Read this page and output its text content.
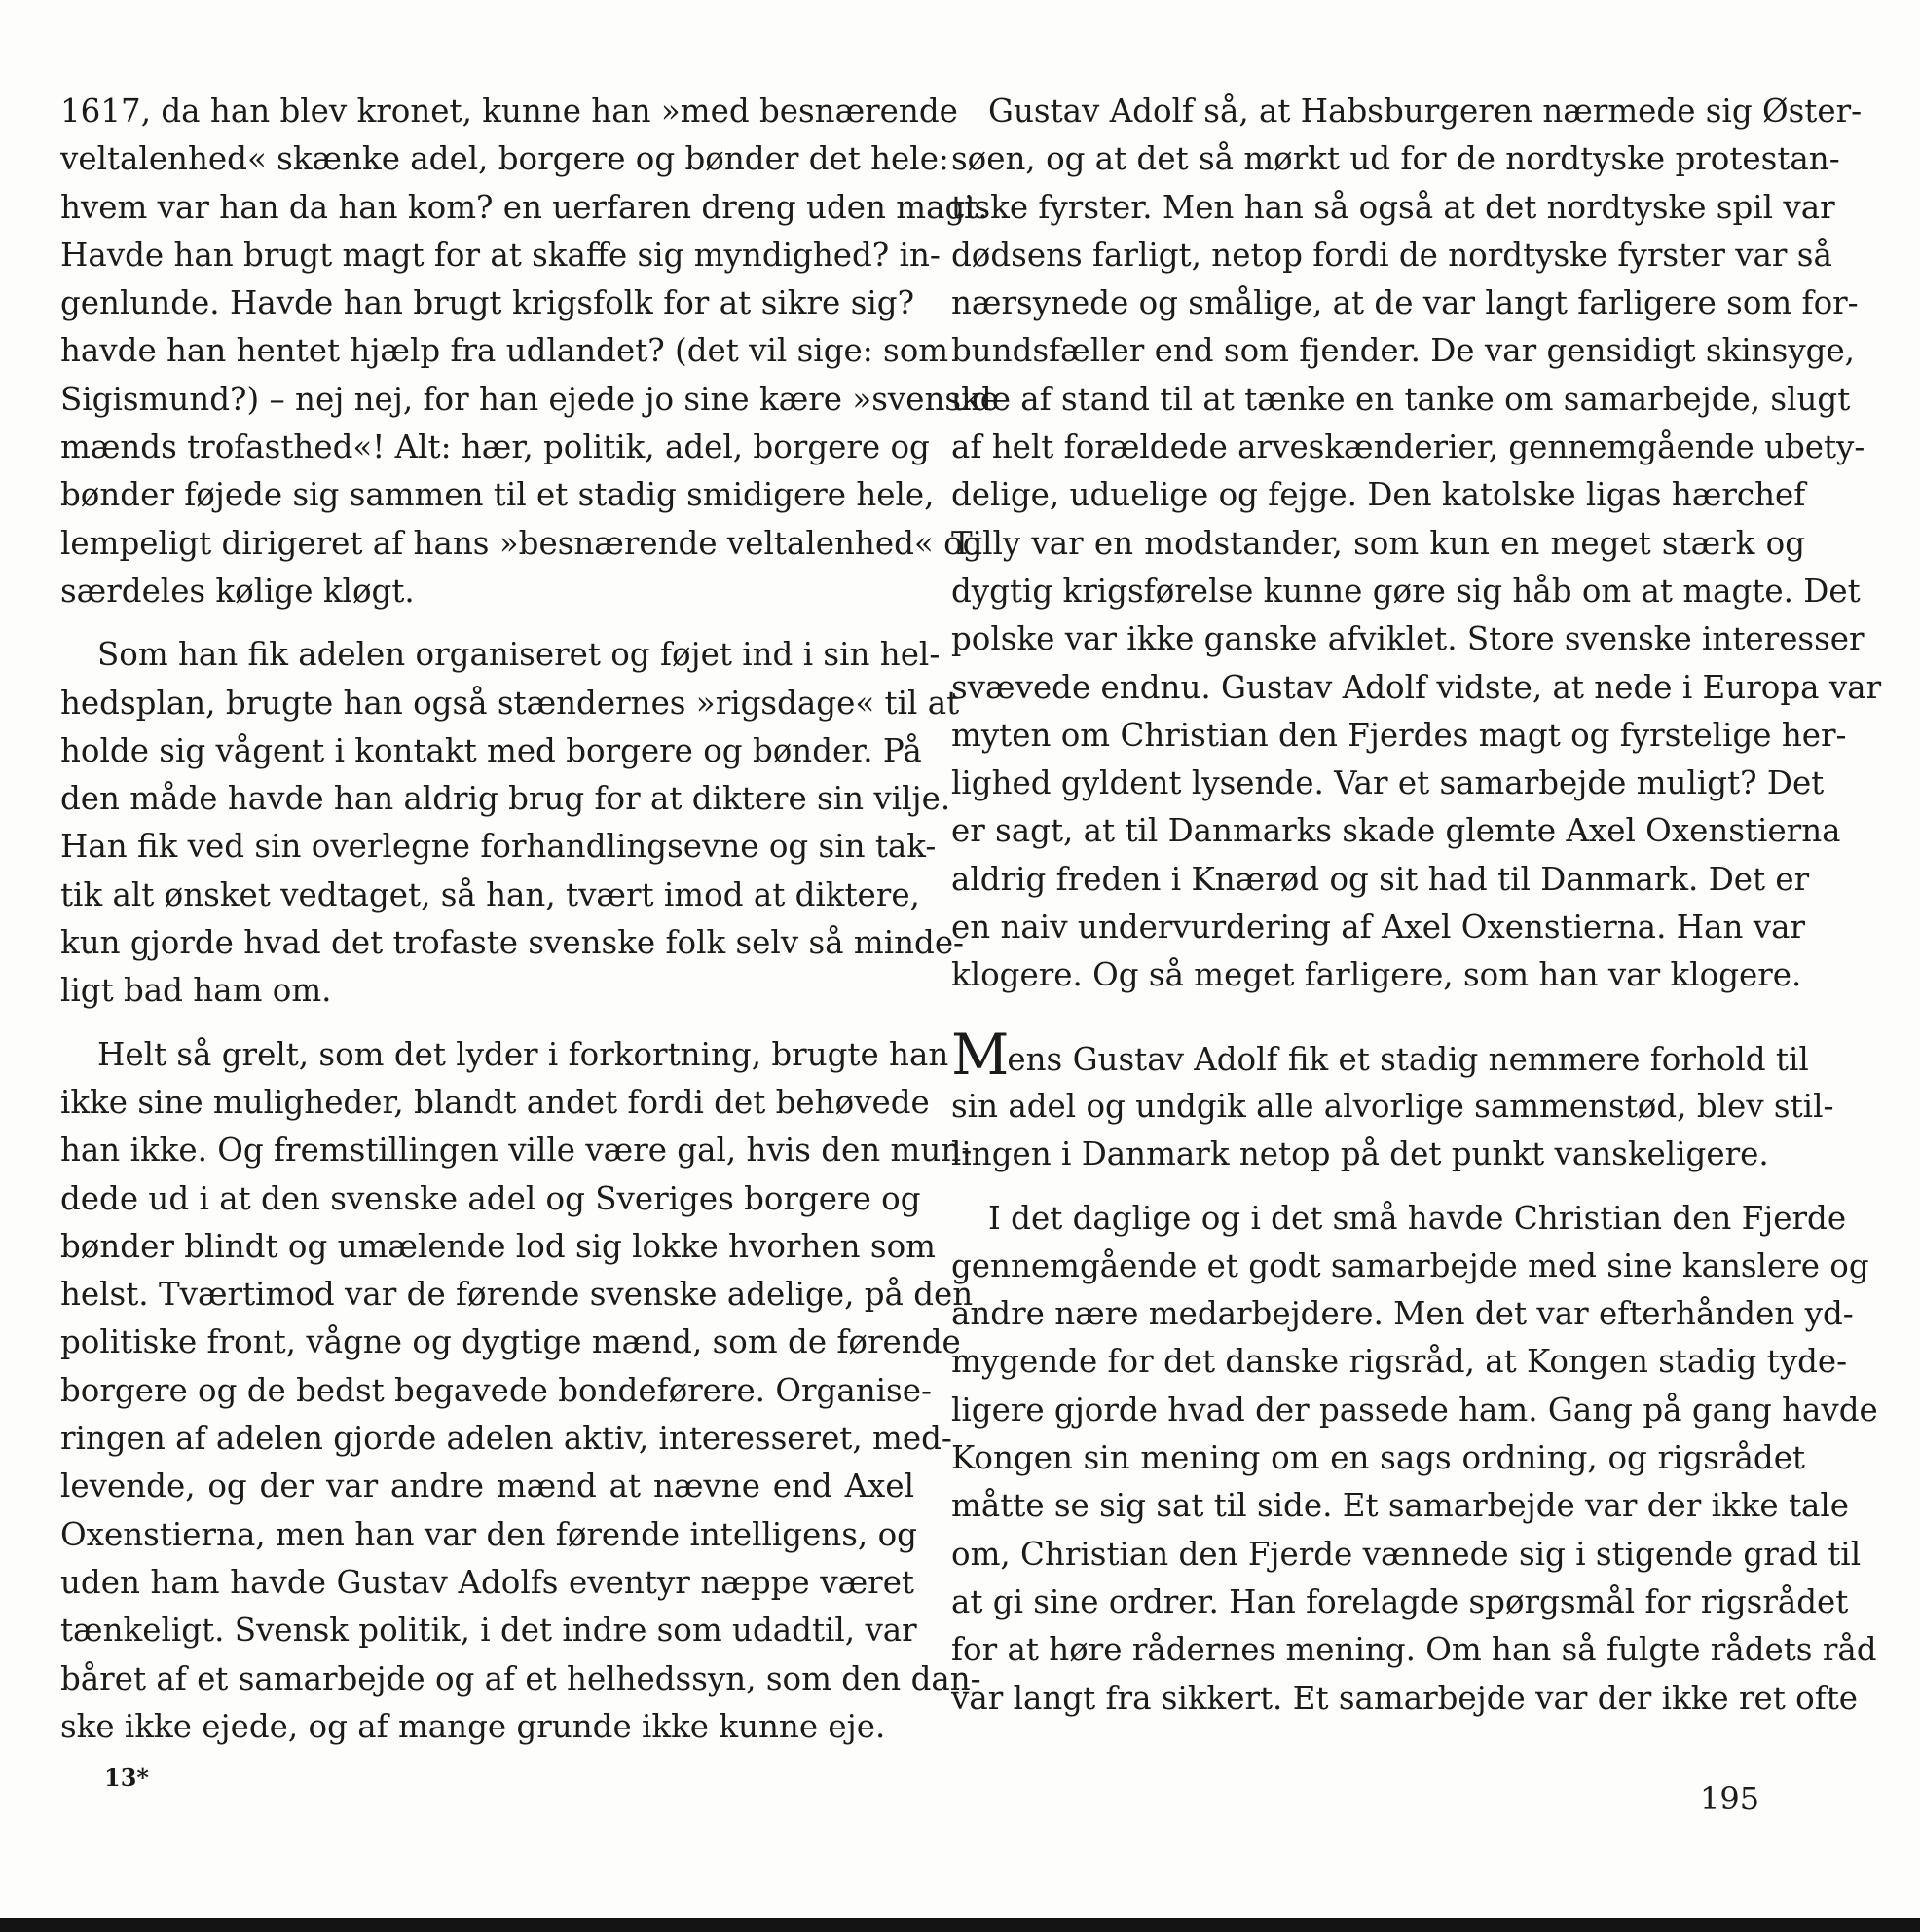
1617, da han blev kronet, kunne han »med besnærende
veltalenhed« skænke adel, borgere og bønder det hele:
hvem var han da han kom? en uerfaren dreng uden magt.
Havde han brugt magt for at skaffe sig myndighed? in-
genlunde. Havde han brugt krigsfolk for at sikre sig?
havde han hentet hjælp fra udlandet? (det vil sige: som
Sigismund?) – nej nej, for han ejede jo sine kære »svenske
mænds trofasthed«! Alt: hær, politik, adel, borgere og
bønder føjede sig sammen til et stadig smidigere hele,
lempeligt dirigeret af hans »besnærende veltalenhed« og
særdeles kølige kløgt.
Som han fik adelen organiseret og føjet ind i sin hel-
hedsplan, brugte han også stændernes »rigsdage« til at
holde sig vågent i kontakt med borgere og bønder. På
den måde havde han aldrig brug for at diktere sin vilje.
Han fik ved sin overlegne forhandlingsevne og sin tak-
tik alt ønsket vedtaget, så han, tvært imod at diktere,
kun gjorde hvad det trofaste svenske folk selv så minde-
ligt bad ham om.
Helt så grelt, som det lyder i forkortning, brugte han
ikke sine muligheder, blandt andet fordi det behøvede
han ikke. Og fremstillingen ville være gal, hvis den mun-
dede ud i at den svenske adel og Sveriges borgere og
bønder blindt og umælende lod sig lokke hvorhen som
helst. Tværtimod var de førende svenske adelige, på den
politiske front, vågne og dygtige mænd, som de førende
borgere og de bedst begavede bondeførere. Organise-
ringen af adelen gjorde adelen aktiv, interesseret, med-
levende, og der var andre mænd at nævne end Axel
Oxenstierna, men han var den førende intelligens, og
uden ham havde Gustav Adolfs eventyr næppe været
tænkeligt. Svensk politik, i det indre som udadtil, var
båret af et samarbejde og af et helhedssyn, som den dan-
ske ikke ejede, og af mange grunde ikke kunne eje.
Gustav Adolf så, at Habsburgeren nærmede sig Øster-
søen, og at det så mørkt ud for de nordtyske protestan-
tiske fyrster. Men han så også at det nordtyske spil var
dødsens farligt, netop fordi de nordtyske fyrster var så
nærsynede og smålige, at de var langt farligere som for-
bundsfæller end som fjender. De var gensidigt skinsyge,
ude af stand til at tænke en tanke om samarbejde, slugt
af helt forældede arveskænderier, gennemgående ubety-
delige, uduelige og fejge. Den katolske ligas hærchef
Tilly var en modstander, som kun en meget stærk og
dygtig krigsførelse kunne gøre sig håb om at magte. Det
polske var ikke ganske afviklet. Store svenske interesser
svævede endnu. Gustav Adolf vidste, at nede i Europa var
myten om Christian den Fjerdes magt og fyrstelige her-
lighed gyldent lysende. Var et samarbejde muligt? Det
er sagt, at til Danmarks skade glemte Axel Oxenstierna
aldrig freden i Knærød og sit had til Danmark. Det er
en naiv undervurdering af Axel Oxenstierna. Han var
klogere. Og så meget farligere, som han var klogere.
Mens Gustav Adolf fik et stadig nemmere forhold til
sin adel og undgik alle alvorlige sammenstød, blev stil-
lingen i Danmark netop på det punkt vanskeligere.
I det daglige og i det små havde Christian den Fjerde
gennemgående et godt samarbejde med sine kanslere og
andre nære medarbejdere. Men det var efterhånden yd-
mygende for det danske rigsråd, at Kongen stadig tyde-
ligere gjorde hvad der passede ham. Gang på gang havde
Kongen sin mening om en sags ordning, og rigsrådet
måtte se sig sat til side. Et samarbejde var der ikke tale
om, Christian den Fjerde vænnede sig i stigende grad til
at gi sine ordrer. Han forelagde spørgsmål for rigsrådet
for at høre rådernes mening. Om han så fulgte rådets råd
var langt fra sikkert. Et samarbejde var der ikke ret ofte
13*
195
